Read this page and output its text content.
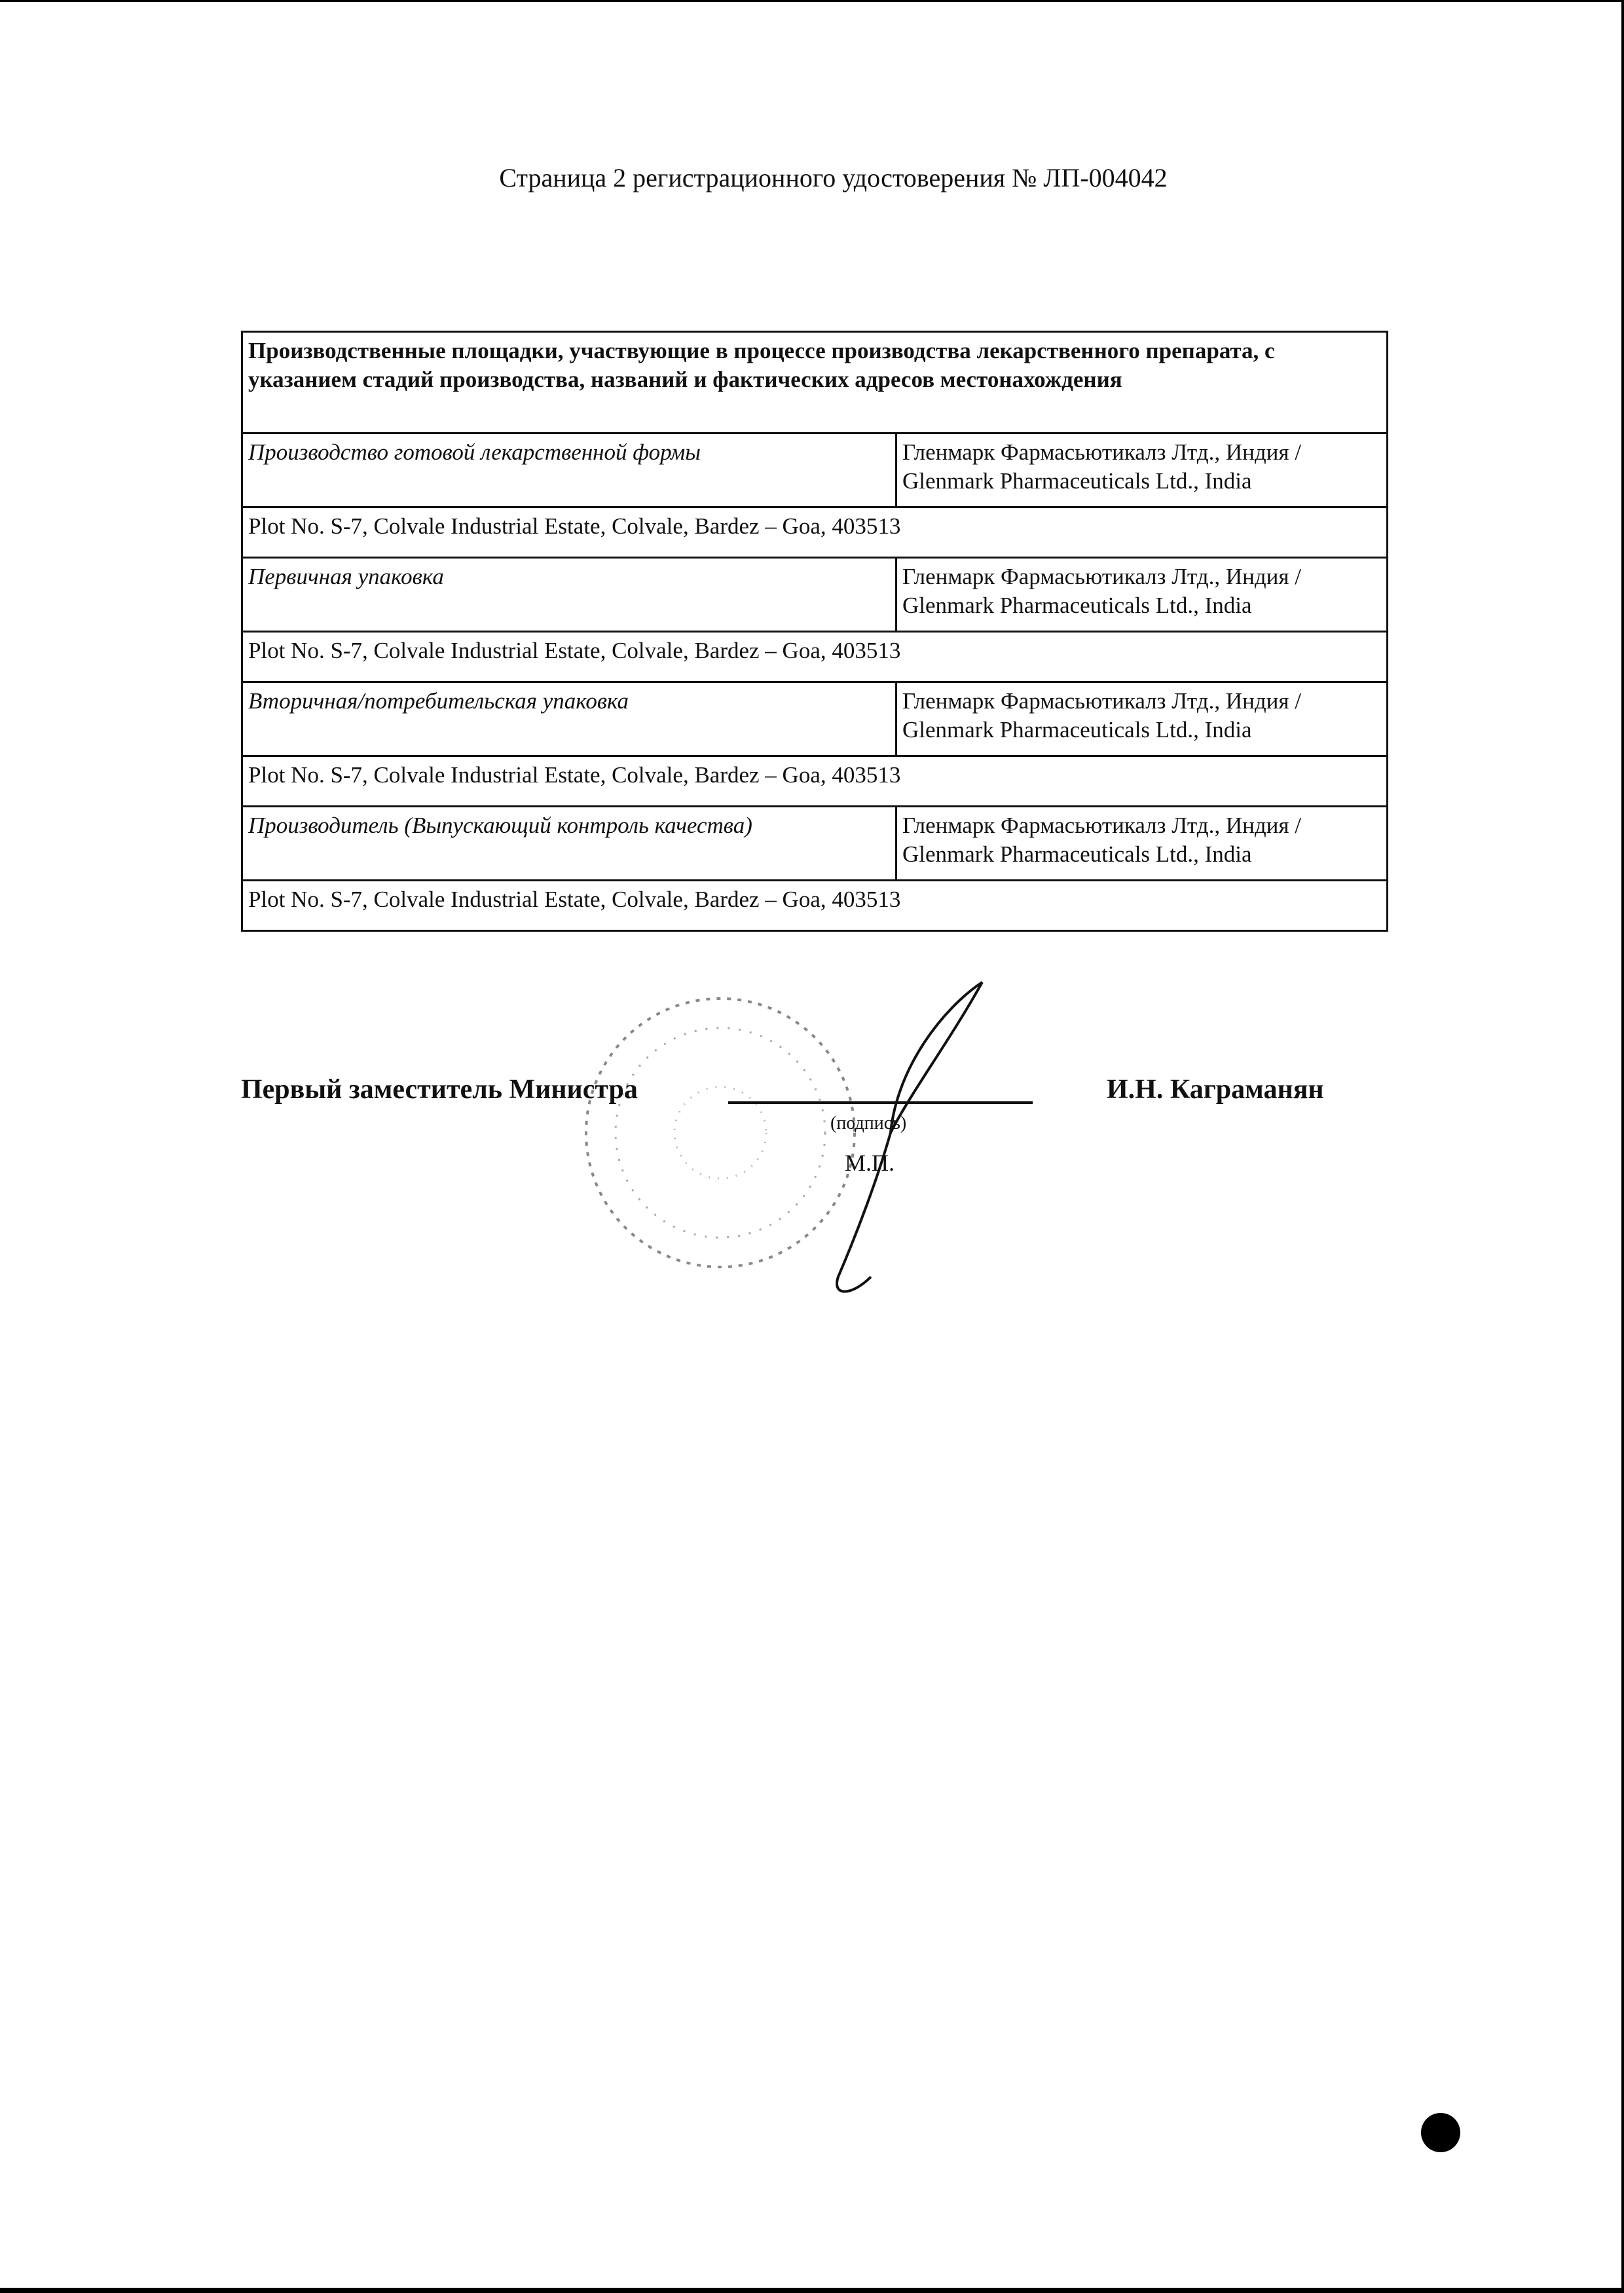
Страница 2 регистрационного удостоверения № ЛП-004042
Производственные площадки, участвующие в процессе производства лекарственного препарата, с указанием стадий производства, названий и фактических адресов местонахождения	
Производство готовой лекарственной формы	Гленмарк Фармасьютикалз Лтд., Индия / Glenmark Pharmaceuticals Ltd., India
Plot No. S-7, Colvale Industrial Estate, Colvale, Bardez – Goa, 403513	
Первичная упаковка	Гленмарк Фармасьютикалз Лтд., Индия / Glenmark Pharmaceuticals Ltd., India
Plot No. S-7, Colvale Industrial Estate, Colvale, Bardez – Goa, 403513	
Вторичная/потребительская упаковка	Гленмарк Фармасьютикалз Лтд., Индия / Glenmark Pharmaceuticals Ltd., India
Plot No. S-7, Colvale Industrial Estate, Colvale, Bardez – Goa, 403513	
Производитель (Выпускающий контроль качества)	Гленмарк Фармасьютикалз Лтд., Индия / Glenmark Pharmaceuticals Ltd., India
Plot No. S-7, Colvale Industrial Estate, Colvale, Bardez – Goa, 403513	
Первый заместитель Министра
(подпись)
М.П.
И.Н. Каграманян
